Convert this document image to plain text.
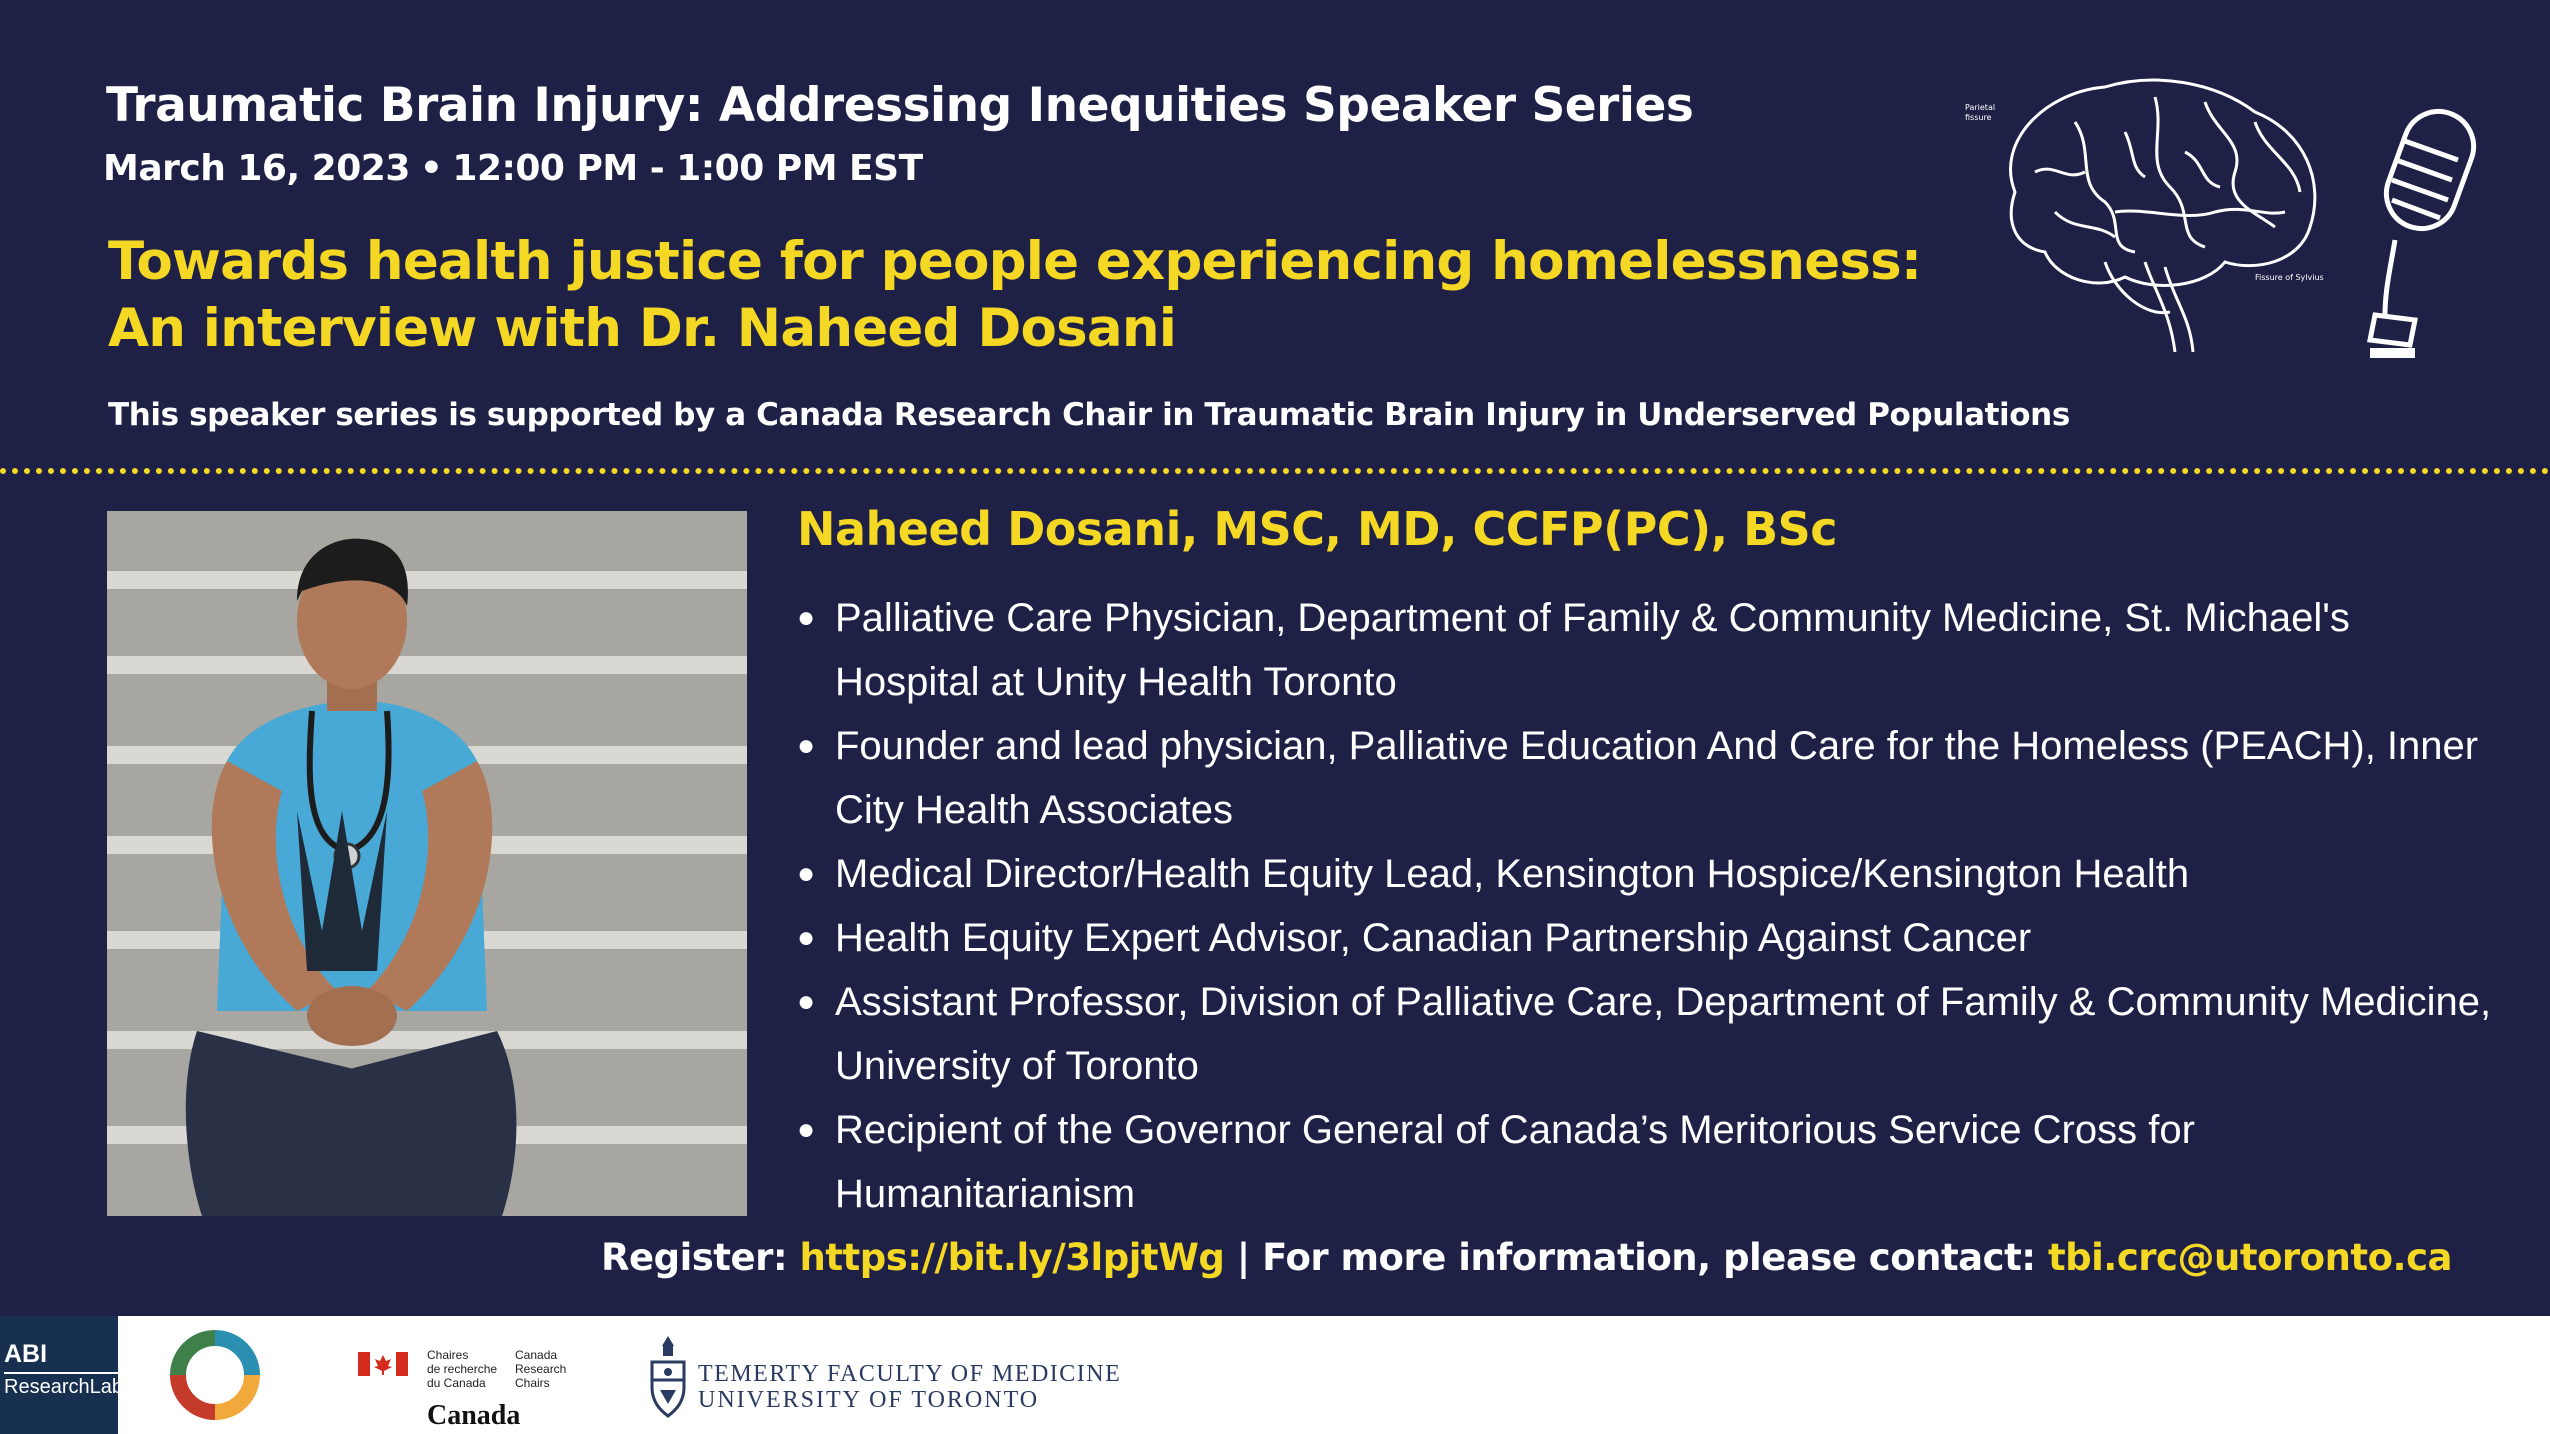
Traumatic Brain Injury: Addressing Inequities Speaker Series
March 16, 2023 • 12:00 PM - 1:00 PM EST
Towards health justice for people experiencing homelessness:
An interview with Dr. Naheed Dosani
This speaker series is supported by a Canada Research Chair in Traumatic Brain Injury in Underserved Populations
Parietal
fissure
Fissure of Sylvius
Naheed Dosani, MSC, MD, CCFP(PC), BSc
● Palliative Care Physician, Department of Family & Community Medicine, St. Michael's Hospital at Unity Health Toronto
● Founder and lead physician, Palliative Education And Care for the Homeless (PEACH), Inner City Health Associates
● Medical Director/Health Equity Lead, Kensington Hospice/Kensington Health
● Health Equity Expert Advisor, Canadian Partnership Against Cancer
● Assistant Professor, Division of Palliative Care, Department of Family & Community Medicine, University of Toronto
● Recipient of the Governor General of Canada’s Meritorious Service Cross for Humanitarianism
Register: https://bit.ly/3lpjtWg | For more information, please contact: tbi.crc@utoronto.ca
ABI
ResearchLab
Chaires
de recherche
du Canada
Canada
Research
Chairs
Canada
TEMERTY FACULTY OF MEDICINE
UNIVERSITY OF TORONTO
